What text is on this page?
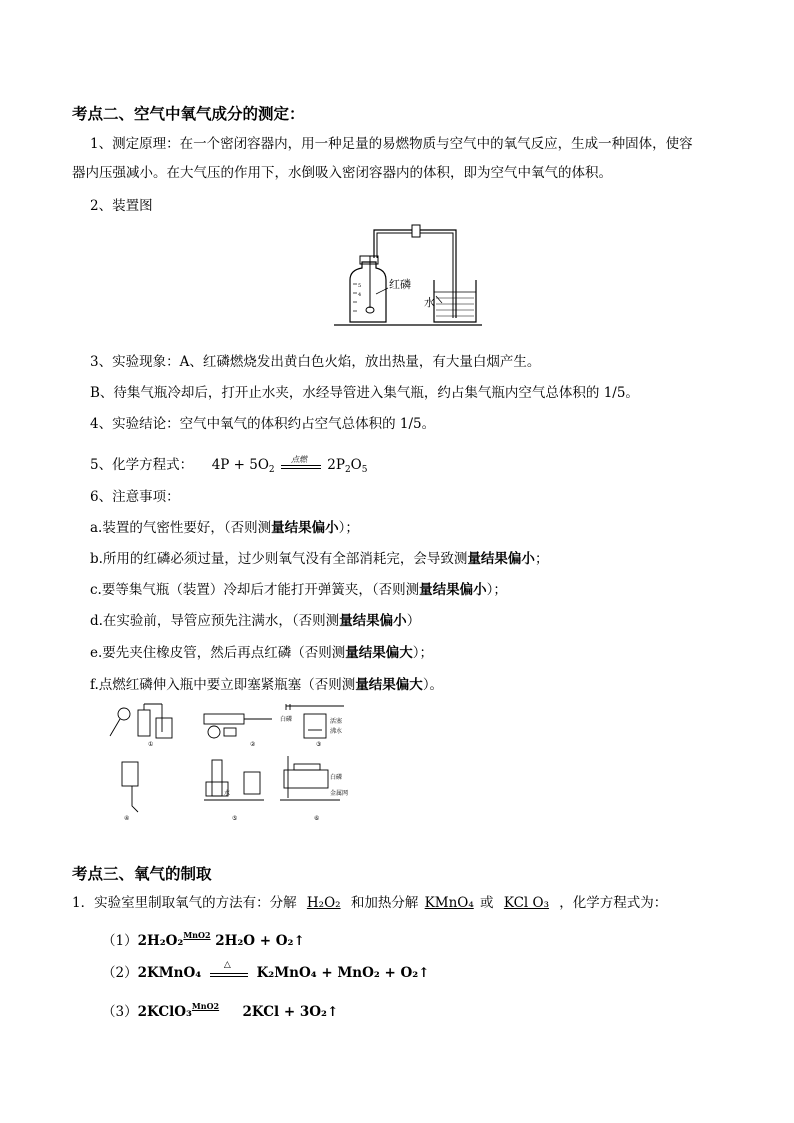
考点二、空气中氧气成分的测定：
1、测定原理：在一个密闭容器内，用一种足量的易燃物质与空气中的氧气反应，生成一种固体，使容
器内压强减小。在大气压的作用下，水倒吸入密闭容器内的体积，即为空气中氧气的体积。
2、装置图
5
4
红磷
水
3、实验现象：A、红磷燃烧发出黄白色火焰，放出热量，有大量白烟产生。
B、待集气瓶冷却后，打开止水夹，水经导管进入集气瓶，约占集气瓶内空气总体积的 1/5。
4、实验结论：空气中氧气的体积约占空气总体积的 1/5。
5、化学方程式： $4P + 5O_2$
点燃 $2P_2O_5$
6、注意事项：
a.装置的气密性要好，（否则测量结果偏小）；
b.所用的红磷必须过量，过少则氧气没有全部消耗完，会导致测量结果偏小；
c.要等集气瓶（装置）冷却后才能打开弹簧夹，（否则测量结果偏小）；
d.在实验前，导管应预先注满水，（否则测量结果偏小）
e.要先夹住橡皮管，然后再点红磷（否则测量结果偏大）；
f.点燃红磷伸入瓶中要立即塞紧瓶塞（否则测量结果偏大）。
①	②	③
④	⑤	⑥
白磷	活塞
沸水
白磷
水	金属网
考点三、氧气的制取
1．实验室里制取氧气的方法有：分解 H₂O₂ 和加热分解 KMnO₄ 或 KCl O₃ ，化学方程式为：
（1）2H₂O₂$^{MnO2}$ 2H₂O + O₂↑
（2）2KMnO₄
△
K₂MnO₄ + MnO₂ + O₂↑
（3）2KClO₃$^{MnO2}$ 2KCl + 3O₂↑
